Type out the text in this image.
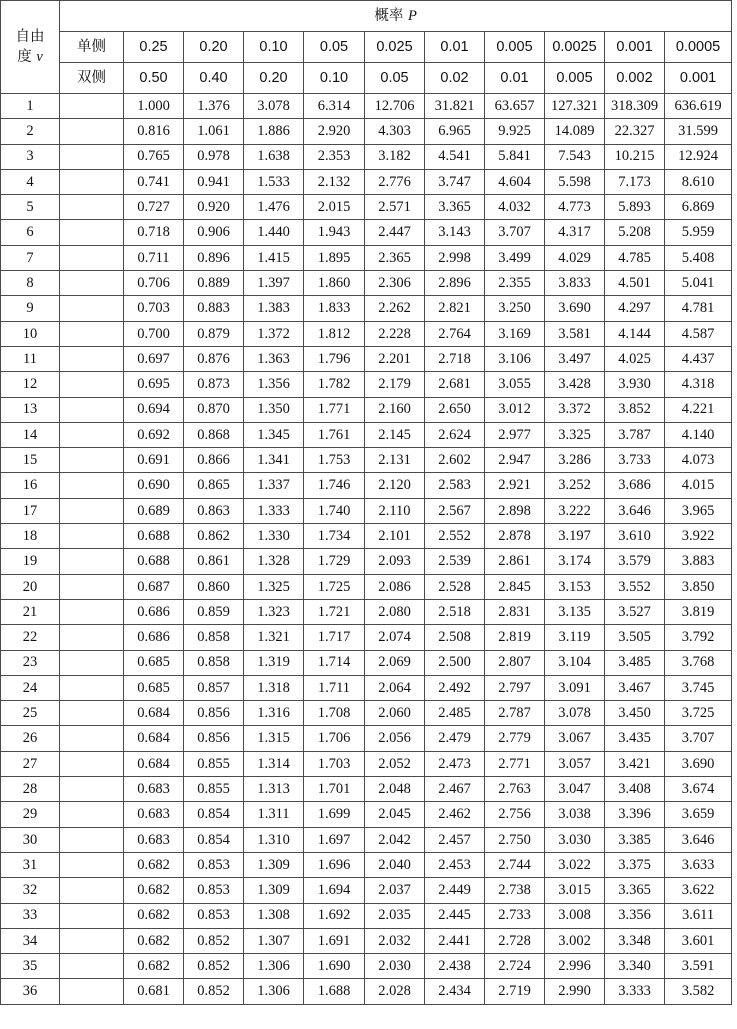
自由
度 v	概率 P										
	单侧	0.25	0.20	0.10	0.05	0.025	0.01	0.005	0.0025	0.001	0.0005
	双侧	0.50	0.40	0.20	0.10	0.05	0.02	0.01	0.005	0.002	0.001
1		1.000	1.376	3.078	6.314	12.706	31.821	63.657	127.321	318.309	636.619
2		0.816	1.061	1.886	2.920	4.303	6.965	9.925	14.089	22.327	31.599
3		0.765	0.978	1.638	2.353	3.182	4.541	5.841	7.543	10.215	12.924
4		0.741	0.941	1.533	2.132	2.776	3.747	4.604	5.598	7.173	8.610
5		0.727	0.920	1.476	2.015	2.571	3.365	4.032	4.773	5.893	6.869
6		0.718	0.906	1.440	1.943	2.447	3.143	3.707	4.317	5.208	5.959
7		0.711	0.896	1.415	1.895	2.365	2.998	3.499	4.029	4.785	5.408
8		0.706	0.889	1.397	1.860	2.306	2.896	2.355	3.833	4.501	5.041
9		0.703	0.883	1.383	1.833	2.262	2.821	3.250	3.690	4.297	4.781
10		0.700	0.879	1.372	1.812	2.228	2.764	3.169	3.581	4.144	4.587
11		0.697	0.876	1.363	1.796	2.201	2.718	3.106	3.497	4.025	4.437
12		0.695	0.873	1.356	1.782	2.179	2.681	3.055	3.428	3.930	4.318
13		0.694	0.870	1.350	1.771	2.160	2.650	3.012	3.372	3.852	4.221
14		0.692	0.868	1.345	1.761	2.145	2.624	2.977	3.325	3.787	4.140
15		0.691	0.866	1.341	1.753	2.131	2.602	2.947	3.286	3.733	4.073
16		0.690	0.865	1.337	1.746	2.120	2.583	2.921	3.252	3.686	4.015
17		0.689	0.863	1.333	1.740	2.110	2.567	2.898	3.222	3.646	3.965
18		0.688	0.862	1.330	1.734	2.101	2.552	2.878	3.197	3.610	3.922
19		0.688	0.861	1.328	1.729	2.093	2.539	2.861	3.174	3.579	3.883
20		0.687	0.860	1.325	1.725	2.086	2.528	2.845	3.153	3.552	3.850
21		0.686	0.859	1.323	1.721	2.080	2.518	2.831	3.135	3.527	3.819
22		0.686	0.858	1.321	1.717	2.074	2.508	2.819	3.119	3.505	3.792
23		0.685	0.858	1.319	1.714	2.069	2.500	2.807	3.104	3.485	3.768
24		0.685	0.857	1.318	1.711	2.064	2.492	2.797	3.091	3.467	3.745
25		0.684	0.856	1.316	1.708	2.060	2.485	2.787	3.078	3.450	3.725
26		0.684	0.856	1.315	1.706	2.056	2.479	2.779	3.067	3.435	3.707
27		0.684	0.855	1.314	1.703	2.052	2.473	2.771	3.057	3.421	3.690
28		0.683	0.855	1.313	1.701	2.048	2.467	2.763	3.047	3.408	3.674
29		0.683	0.854	1.311	1.699	2.045	2.462	2.756	3.038	3.396	3.659
30		0.683	0.854	1.310	1.697	2.042	2.457	2.750	3.030	3.385	3.646
31		0.682	0.853	1.309	1.696	2.040	2.453	2.744	3.022	3.375	3.633
32		0.682	0.853	1.309	1.694	2.037	2.449	2.738	3.015	3.365	3.622
33		0.682	0.853	1.308	1.692	2.035	2.445	2.733	3.008	3.356	3.611
34		0.682	0.852	1.307	1.691	2.032	2.441	2.728	3.002	3.348	3.601
35		0.682	0.852	1.306	1.690	2.030	2.438	2.724	2.996	3.340	3.591
36		0.681	0.852	1.306	1.688	2.028	2.434	2.719	2.990	3.333	3.582
